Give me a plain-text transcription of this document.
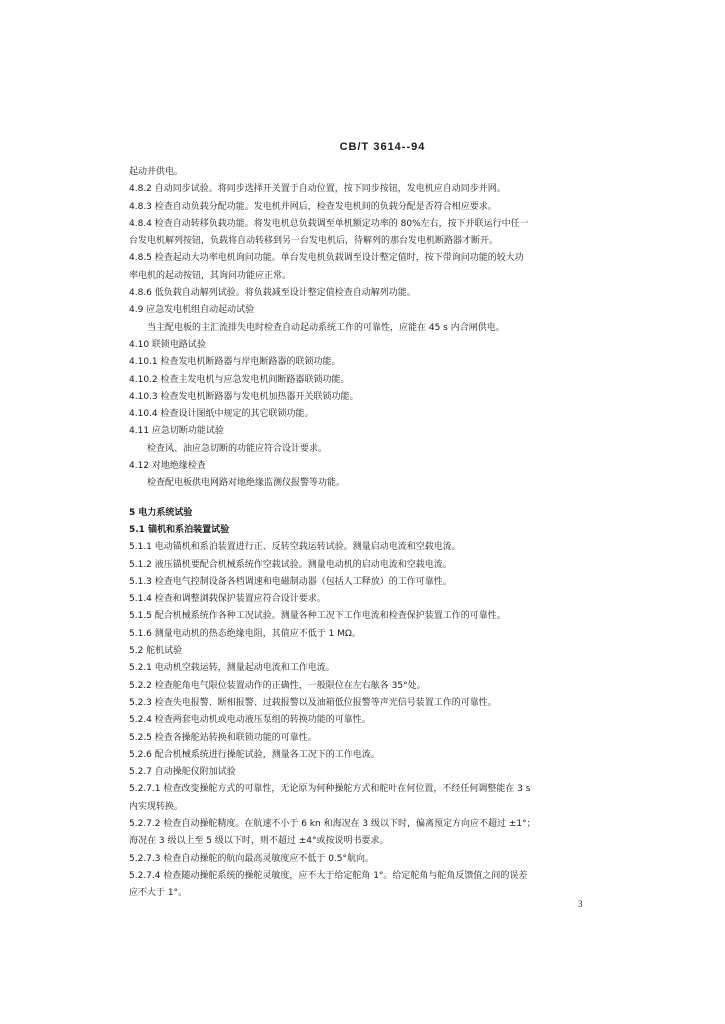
CB/T 3614--94
起动并供电。
4.8.2 自动同步试验。将同步选择开关置于自动位置，按下同步按钮，发电机应自动同步并网。
4.8.3 检查自动负载分配功能。发电机并网后，检查发电机间的负载分配是否符合相应要求。
4.8.4 检查自动转移负载功能。将发电机总负载调至单机额定功率的 80%左右，按下并联运行中任一
台发电机解列按钮，负载将自动转移到另一台发电机后，待解列的那台发电机断路器才断开。
4.8.5 检查起动大功率电机询问功能。单台发电机负载调至设计整定值时，按下带询问功能的较大功
率电机的起动按钮，其询问功能应正常。
4.8.6 低负载自动解列试验。将负载减至设计整定值检查自动解列功能。
4.9 应急发电机组自动起动试验
当主配电板的主汇流排失电时检查自动起动系统工作的可靠性，应能在 45 s 内合闸供电。
4.10 联锁电路试验
4.10.1 检查发电机断路器与岸电断路器的联锁功能。
4.10.2 检查主发电机与应急发电机间断路器联锁功能。
4.10.3 检查发电机断路器与发电机加热器开关联锁功能。
4.10.4 检查设计图纸中规定的其它联锁功能。
4.11 应急切断功能试验
检查风、油应急切断的功能应符合设计要求。
4.12 对地绝缘检查
检查配电板供电网路对地绝缘监测仪报警等功能。
5 电力系统试验
5.1 锚机和系泊装置试验
5.1.1 电动锚机和系泊装置进行正、反转空载运转试验。测量启动电流和空载电流。
5.1.2 液压锚机要配合机械系统作空载试验。测量电动机的启动电流和空载电流。
5.1.3 检查电气控制设备各档调速和电磁制动器（包括人工释放）的工作可靠性。
5.1.4 检查和调整浏载保护装置应符合设计要求。
5.1.5 配合机械系统作各种工况试验。测量各种工况下工作电流和检查保护装置工作的可靠性。
5.1.6 测量电动机的热态绝缘电阻，其值应不低于 1 MΩ。
5.2 舵机试验
5.2.1 电动机空载运转，测量起动电流和工作电流。
5.2.2 检查舵角电气限位装置动作的正确性，一般限位在左右舷各 35°处。
5.2.3 检查失电报警、断相报警、过载报警以及油箱低位报警等声光信号装置工作的可靠性。
5.2.4 检查两套电动机或电动液压泵组的转换功能的可靠性。
5.2.5 检查各操舵站转换和联锁功能的可靠性。
5.2.6 配合机械系统进行操舵试验，测量各工况下的工作电流。
5.2.7 自动操舵仪附加试验
5.2.7.1 检查改变操舵方式的可靠性，无论原为何种操舵方式和舵叶在何位置，不经任何调整能在 3 s
内实现转换。
5.2.7.2 检查自动操舵精度。在航速不小于 6 kn 和海况在 3 级以下时，偏离预定方向应不超过 ±1°；
海况在 3 级以上至 5 级以下时，则不超过 ±4°或按说明书要求。
5.2.7.3 检查自动操舵的航向最高灵敏度应不低于 0.5°航向。
5.2.7.4 检查随动操舵系统的操舵灵敏度，应不大于给定舵角 1°。给定舵角与舵角反馈值之间的误差
应不大于 1°。
3
